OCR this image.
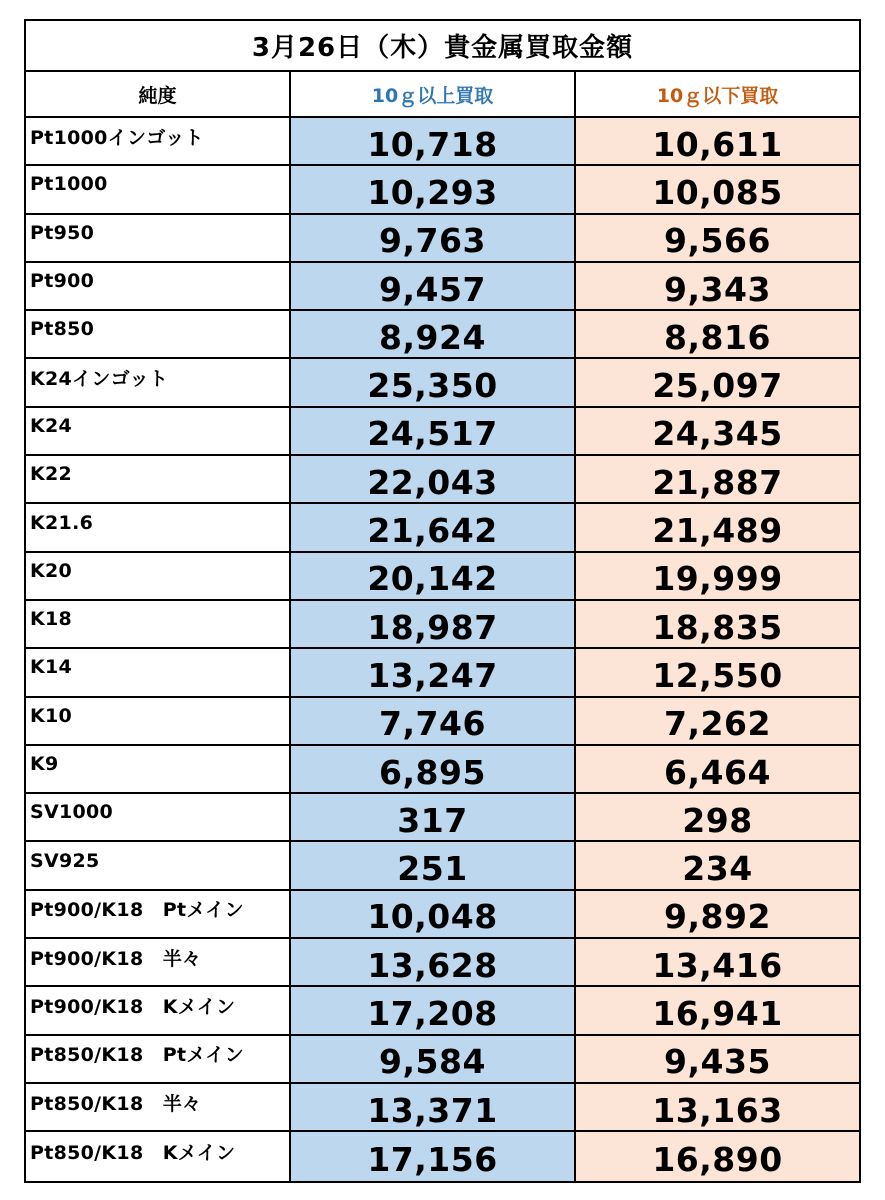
3月26日（木）貴金属買取金額
純度	10ｇ以上買取	10ｇ以下買取
Pt1000インゴット	10,718	10,611
Pt1000	10,293	10,085
Pt950	9,763	9,566
Pt900	9,457	9,343
Pt850	8,924	8,816
K24インゴット	25,350	25,097
K24	24,517	24,345
K22	22,043	21,887
K21.6	21,642	21,489
K20	20,142	19,999
K18	18,987	18,835
K14	13,247	12,550
K10	7,746	7,262
K9	6,895	6,464
SV1000	317	298
SV925	251	234
Pt900/K18　Ptメイン	10,048	9,892
Pt900/K18　半々	13,628	13,416
Pt900/K18　Kメイン	17,208	16,941
Pt850/K18　Ptメイン	9,584	9,435
Pt850/K18　半々	13,371	13,163
Pt850/K18　Kメイン	17,156	16,890
